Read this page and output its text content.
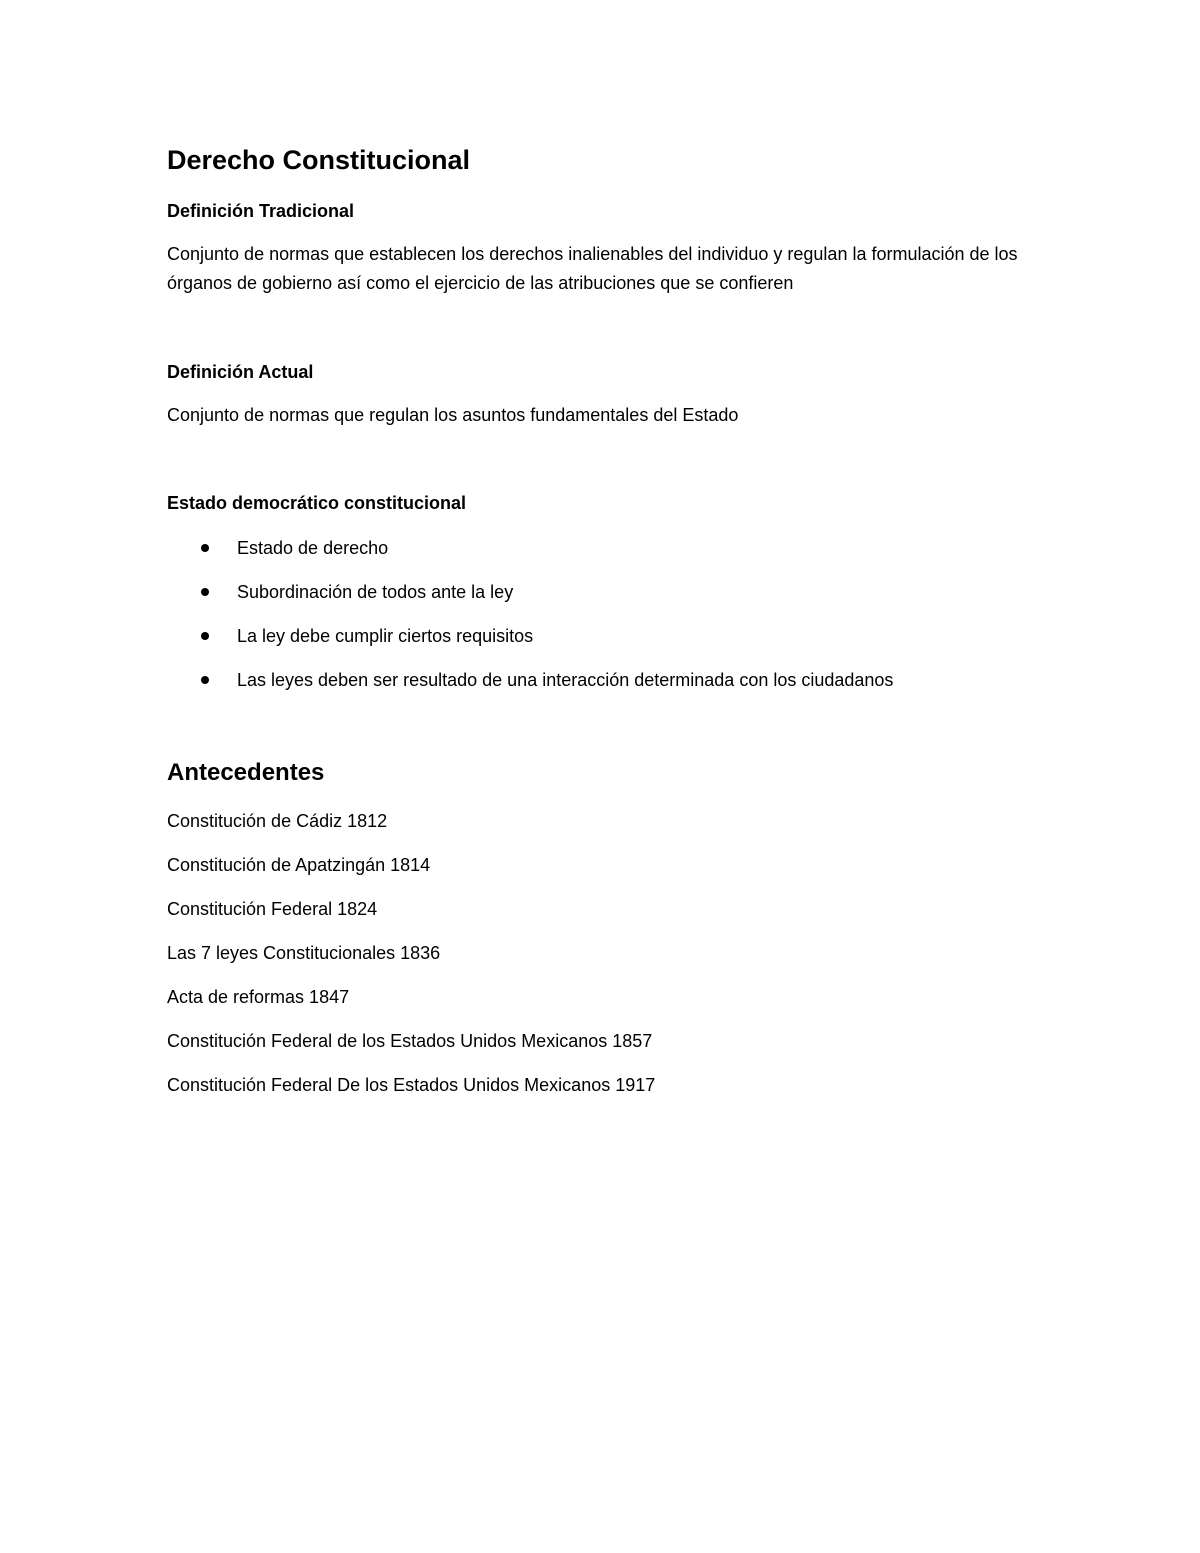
Derecho Constitucional
Definición Tradicional

Conjunto de normas que establecen los derechos inalienables del individuo y regulan la formulación de los órganos de gobierno así como el ejercicio de las atribuciones que se confieren

Definición Actual

Conjunto de normas que regulan los asuntos fundamentales del Estado

Estado democrático constitucional
Estado de derecho
Subordinación de todos ante la ley
La ley debe cumplir ciertos requisitos
Las leyes deben ser resultado de una interacción determinada con los ciudadanos
Antecedentes
Constitución de Cádiz 1812
Constitución de Apatzingán 1814
Constitución Federal 1824
Las 7 leyes Constitucionales 1836
Acta de reformas 1847
Constitución Federal de los Estados Unidos Mexicanos 1857
Constitución Federal De los Estados Unidos Mexicanos 1917
